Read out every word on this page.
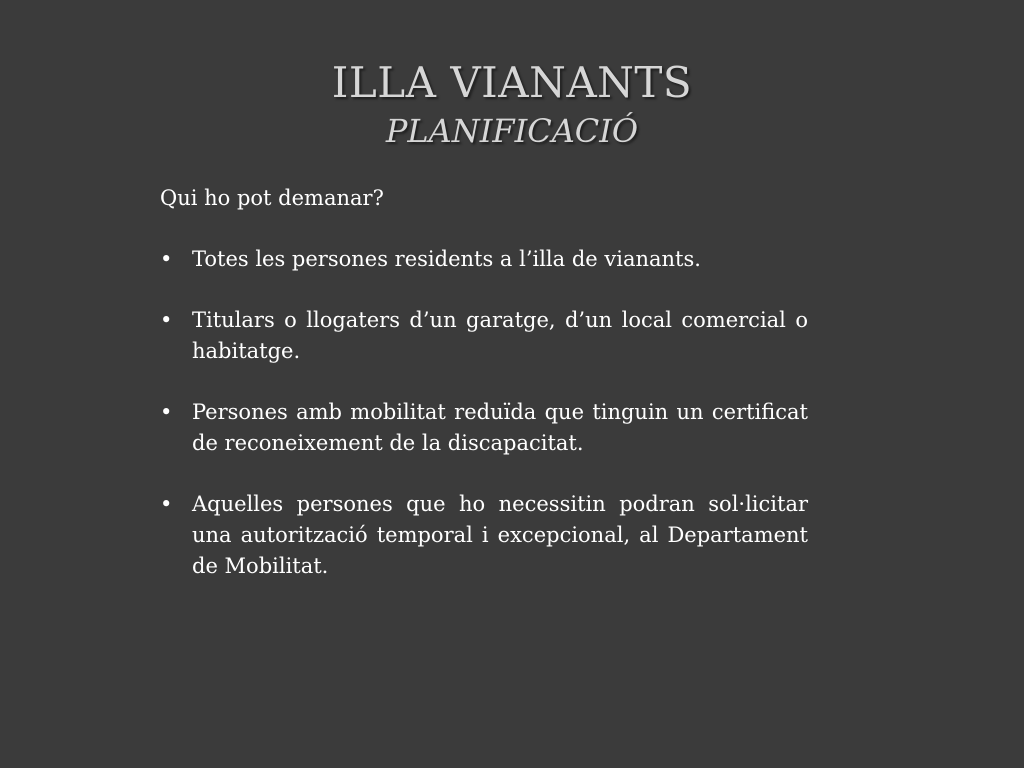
ILLA VIANANTS
PLANIFICACIÓ

Qui ho pot demanar?

• Totes les persones residents a l’illa de vianants.
• Titulars o llogaters d’un garatge, d’un local comercial o habitatge.
• Persones amb mobilitat reduïda que tinguin un certificat de reconeixement de la discapacitat.
• Aquelles persones que ho necessitin podran sol·licitar una autorització temporal i excepcional, al Departament de Mobilitat.
